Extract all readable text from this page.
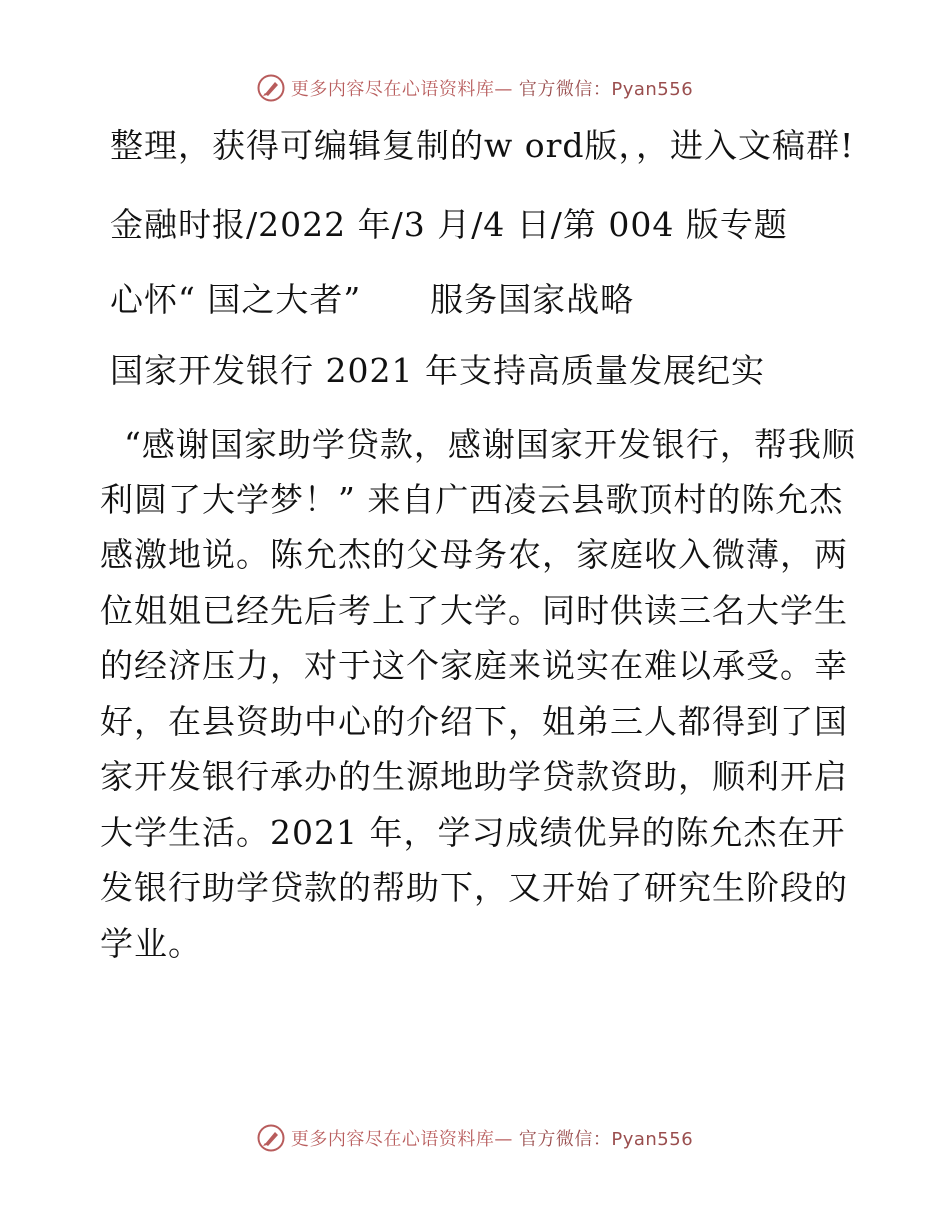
更多内容尽在心语资料库— 官方微信：Pyan556

整理，获得可编辑复制的w ord版，，进入文稿群!

金融时报/2022 年/3 月/4 日/第 004 版专题

心怀“ 国之大者”      服务国家战略

国家开发银行 2021 年支持高质量发展纪实

“感谢国家助学贷款，感谢国家开发银行，帮我顺利圆了大学梦！” 来自广西凌云县歌顶村的陈允杰感激地说。陈允杰的父母务农，家庭收入微薄，两位姐姐已经先后考上了大学。同时供读三名大学生的经济压力，对于这个家庭来说实在难以承受。幸好，在县资助中心的介绍下，姐弟三人都得到了国家开发银行承办的生源地助学贷款资助，顺利开启大学生活。2021 年，学习成绩优异的陈允杰在开发银行助学贷款的帮助下，又开始了研究生阶段的学业。

更多内容尽在心语资料库— 官方微信：Pyan556
